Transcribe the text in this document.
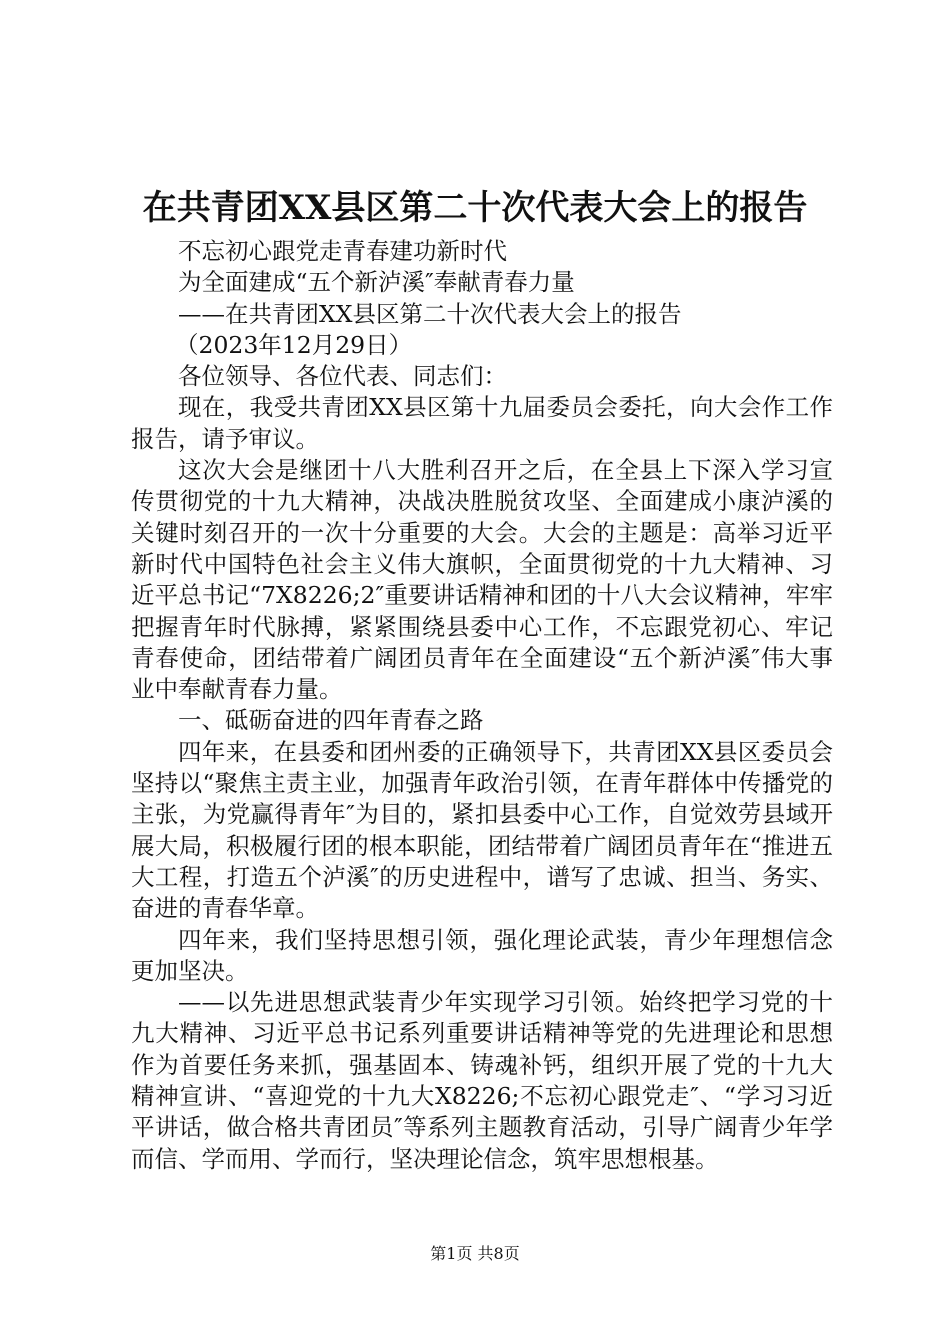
在共青团XX县区第二十次代表大会上的报告

不忘初心跟党走青春建功新时代

为全面建成“五个新泸溪″奉献青春力量

——在共青团XX县区第二十次代表大会上的报告

（2023年12月29日）

各位领导、各位代表、同志们：

现在，我受共青团XX县区第十九届委员会委托，向大会作工作报告，请予审议。

这次大会是继团十八大胜利召开之后，在全县上下深入学习宣传贯彻党的十九大精神，决战决胜脱贫攻坚、全面建成小康泸溪的关键时刻召开的一次十分重要的大会。大会的主题是：高举习近平新时代中国特色社会主义伟大旗帜，全面贯彻党的十九大精神、习近平总书记“7X8226;2″重要讲话精神和团的十八大会议精神，牢牢把握青年时代脉搏，紧紧围绕县委中心工作，不忘跟党初心、牢记青春使命，团结带着广阔团员青年在全面建设“五个新泸溪″伟大事业中奉献青春力量。

一、砥砺奋进的四年青春之路

四年来，在县委和团州委的正确领导下，共青团XX县区委员会坚持以“聚焦主责主业，加强青年政治引领，在青年群体中传播党的主张，为党赢得青年″为目的，紧扣县委中心工作，自觉效劳县域开展大局，积极履行团的根本职能，团结带着广阔团员青年在“推进五大工程，打造五个泸溪″的历史进程中，谱写了忠诚、担当、务实、奋进的青春华章。

四年来，我们坚持思想引领，强化理论武装，青少年理想信念更加坚决。

——以先进思想武装青少年实现学习引领。始终把学习党的十九大精神、习近平总书记系列重要讲话精神等党的先进理论和思想作为首要任务来抓，强基固本、铸魂补钙，组织开展了党的十九大精神宣讲、“喜迎党的十九大X8226;不忘初心跟党走″、“学习习近平讲话，做合格共青团员″等系列主题教育活动，引导广阔青少年学而信、学而用、学而行，坚决理论信念，筑牢思想根基。

第1页 共8页
